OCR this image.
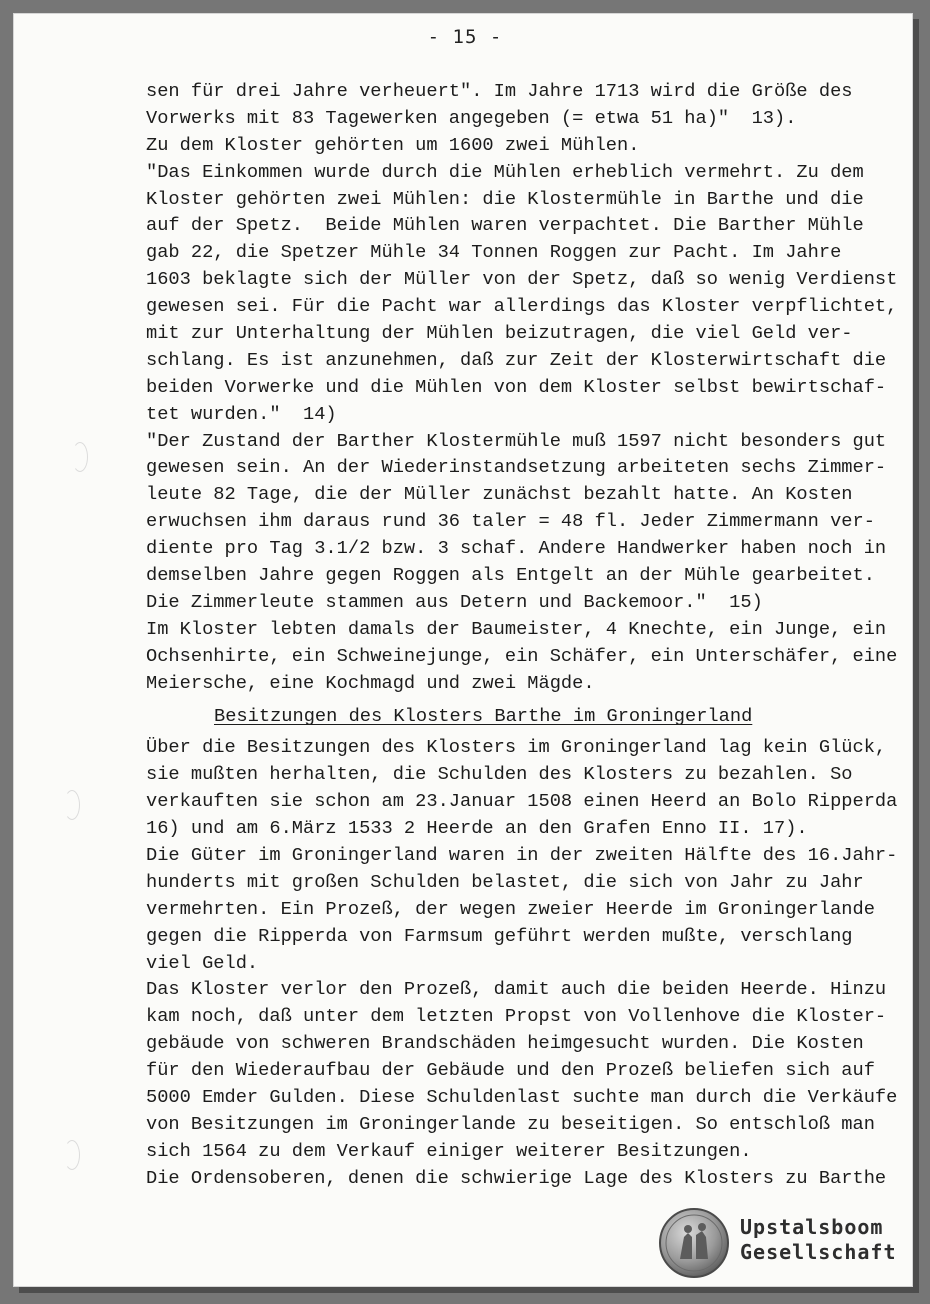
- 15 -
sen für drei Jahre verheuert". Im Jahre 1713 wird die Größe des
Vorwerks mit 83 Tagewerken angegeben (= etwa 51 ha)"  13).
Zu dem Kloster gehörten um 1600 zwei Mühlen.
"Das Einkommen wurde durch die Mühlen erheblich vermehrt. Zu dem
Kloster gehörten zwei Mühlen: die Klostermühle in Barthe und die
auf der Spetz.  Beide Mühlen waren verpachtet. Die Barther Mühle
gab 22, die Spetzer Mühle 34 Tonnen Roggen zur Pacht. Im Jahre
1603 beklagte sich der Müller von der Spetz, daß so wenig Verdienst
gewesen sei. Für die Pacht war allerdings das Kloster verpflichtet,
mit zur Unterhaltung der Mühlen beizutragen, die viel Geld ver-
schlang. Es ist anzunehmen, daß zur Zeit der Klosterwirtschaft die
beiden Vorwerke und die Mühlen von dem Kloster selbst bewirtschaf-
tet wurden."  14)
"Der Zustand der Barther Klostermühle muß 1597 nicht besonders gut
gewesen sein. An der Wiederinstandsetzung arbeiteten sechs Zimmer-
leute 82 Tage, die der Müller zunächst bezahlt hatte. An Kosten
erwuchsen ihm daraus rund 36 taler = 48 fl. Jeder Zimmermann ver-
diente pro Tag 3.1/2 bzw. 3 schaf. Andere Handwerker haben noch in
demselben Jahre gegen Roggen als Entgelt an der Mühle gearbeitet.
Die Zimmerleute stammen aus Detern und Backemoor."  15)
Im Kloster lebten damals der Baumeister, 4 Knechte, ein Junge, ein
Ochsenhirte, ein Schweinejunge, ein Schäfer, ein Unterschäfer, eine
Meiersche, eine Kochmagd und zwei Mägde.
Besitzungen des Klosters Barthe im Groningerland
Über die Besitzungen des Klosters im Groningerland lag kein Glück,
sie mußten herhalten, die Schulden des Klosters zu bezahlen. So
verkauften sie schon am 23.Januar 1508 einen Heerd an Bolo Ripperda
16) und am 6.März 1533 2 Heerde an den Grafen Enno II. 17).
Die Güter im Groningerland waren in der zweiten Hälfte des 16.Jahr-
hunderts mit großen Schulden belastet, die sich von Jahr zu Jahr
vermehrten. Ein Prozeß, der wegen zweier Heerde im Groningerlande
gegen die Ripperda von Farmsum geführt werden mußte, verschlang
viel Geld.
Das Kloster verlor den Prozeß, damit auch die beiden Heerde. Hinzu
kam noch, daß unter dem letzten Propst von Vollenhove die Kloster-
gebäude von schweren Brandschäden heimgesucht wurden. Die Kosten
für den Wiederaufbau der Gebäude und den Prozeß beliefen sich auf
5000 Emder Gulden. Diese Schuldenlast suchte man durch die Verkäufe
von Besitzungen im Groningerlande zu beseitigen. So entschloß man
sich 1564 zu dem Verkauf einiger weiterer Besitzungen.
Die Ordensoberen, denen die schwierige Lage des Klosters zu Barthe
Upstalsboom
Gesellschaft
